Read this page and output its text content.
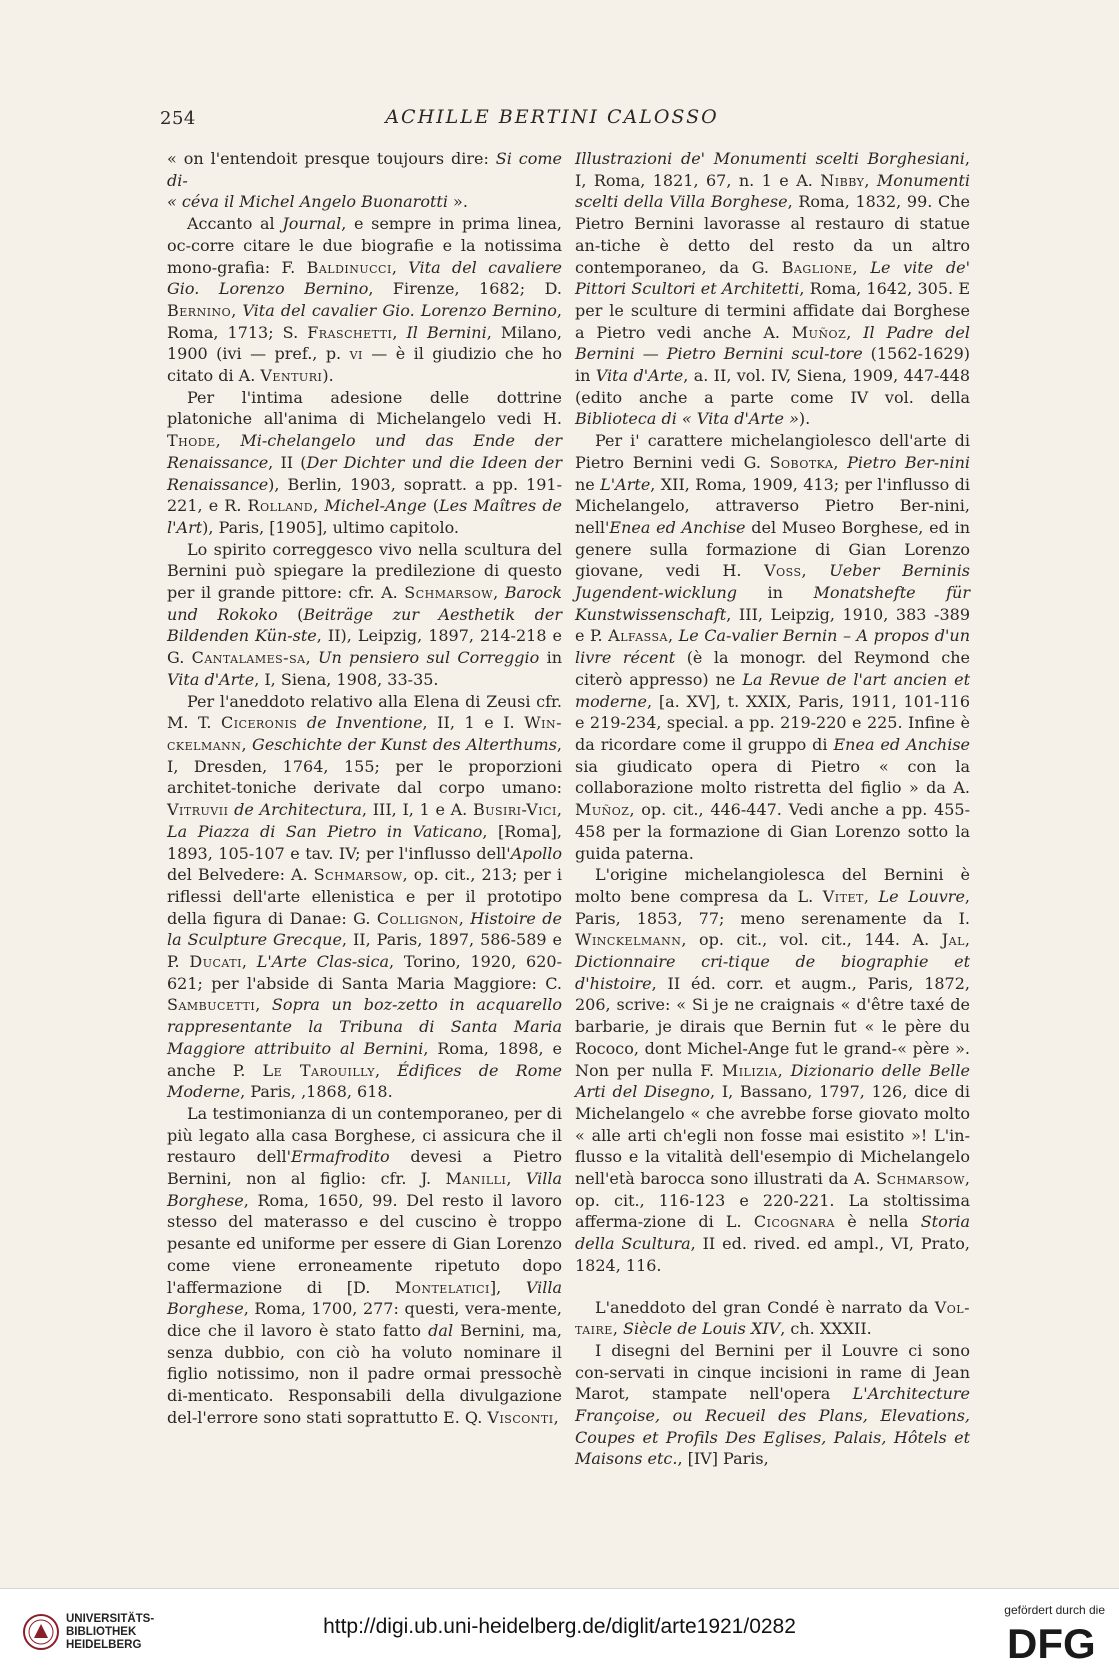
254	ACHILLE BERTINI CALOSSO

« on l'entendoit presque toujours dire: Si come di-
« céva il Michel Angelo Buonarotti ».

Accanto al Journal, e sempre in prima linea, oc-corre citare le due biografie e la notissima mono-grafia: F. Baldinucci, Vita del cavaliere Gio. Lorenzo Bernino, Firenze, 1682; D. Bernino, Vita del cavalier Gio. Lorenzo Bernino, Roma, 1713; S. Fraschetti, Il Bernini, Milano, 1900 (ivi — pref., p. vi — è il giudizio che ho citato di A. Venturi).

Per l'intima adesione delle dottrine platoniche all'anima di Michelangelo vedi H. Thode, Mi-chelangelo und das Ende der Renaissance, II (Der Dichter und die Ideen der Renaissance), Berlin, 1903, sopratt. a pp. 191-221, e R. Rolland, Michel-Ange (Les Maîtres de l'Art), Paris, [1905], ultimo capitolo.

Lo spirito correggesco vivo nella scultura del Bernini può spiegare la predilezione di questo per il grande pittore: cfr. A. Schmarsow, Barock und Rokoko (Beiträge zur Aesthetik der Bildenden Kün-ste, II), Leipzig, 1897, 214-218 e G. Cantalames-sa, Un pensiero sul Correggio in Vita d'Arte, I, Siena, 1908, 33-35.

Per l'aneddoto relativo alla Elena di Zeusi cfr. M. T. Ciceronis de Inventione, II, 1 e I. Win-ckelmann, Geschichte der Kunst des Alterthums, I, Dresden, 1764, 155; per le proporzioni architet-toniche derivate dal corpo umano: Vitruvii de Architectura, III, I, 1 e A. Busiri-Vici, La Piazza di San Pietro in Vaticano, [Roma], 1893, 105-107 e tav. IV; per l'influsso dell'Apollo del Belvedere: A. Schmarsow, op. cit., 213; per i riflessi dell'arte ellenistica e per il prototipo della figura di Danae: G. Collignon, Histoire de la Sculpture Grecque, II, Paris, 1897, 586-589 e P. Ducati, L'Arte Clas-sica, Torino, 1920, 620-621; per l'abside di Santa Maria Maggiore: C. Sambucetti, Sopra un boz-zetto in acquarello rappresentante la Tribuna di Santa Maria Maggiore attribuito al Bernini, Roma, 1898, e anche P. Le Tarouilly, Édifices de Rome Moderne, Paris, ,1868, 618.

La testimonianza di un contemporaneo, per di più legato alla casa Borghese, ci assicura che il restauro dell'Ermafrodito devesi a Pietro Bernini, non al figlio: cfr. J. Manilli, Villa Borghese, Roma, 1650, 99. Del resto il lavoro stesso del materasso e del cuscino è troppo pesante ed uniforme per essere di Gian Lorenzo come viene erroneamente ripetuto dopo l'affermazione di [D. Montelatici], Villa Borghese, Roma, 1700, 277: questi, vera-mente, dice che il lavoro è stato fatto dal Bernini, ma, senza dubbio, con ciò ha voluto nominare il figlio notissimo, non il padre ormai pressochè di-menticato. Responsabili della divulgazione del-l'errore sono stati soprattutto E. Q. Visconti,

Illustrazioni de' Monumenti scelti Borghesiani, I, Roma, 1821, 67, n. 1 e A. Nibby, Monumenti scelti della Villa Borghese, Roma, 1832, 99. Che Pietro Bernini lavorasse al restauro di statue an-tiche è detto del resto da un altro contemporaneo, da G. Baglione, Le vite de' Pittori Scultori et Architetti, Roma, 1642, 305. E per le sculture di termini affidate dai Borghese a Pietro vedi anche A. Muñoz, Il Padre del Bernini — Pietro Bernini scul-tore (1562-1629) in Vita d'Arte, a. II, vol. IV, Siena, 1909, 447-448 (edito anche a parte come IV vol. della Biblioteca di « Vita d'Arte »).

Per i' carattere michelangiolesco dell'arte di Pietro Bernini vedi G. Sobotka, Pietro Ber-nini ne L'Arte, XII, Roma, 1909, 413; per l'influsso di Michelangelo, attraverso Pietro Ber-nini, nell'Enea ed Anchise del Museo Borghese, ed in genere sulla formazione di Gian Lorenzo giovane, vedi H. Voss, Ueber Berninis Jugendent-wicklung in Monatshefte für Kunstwissenschaft, III, Leipzig, 1910, 383 -389 e P. Alfassa, Le Ca-valier Bernin – A propos d'un livre récent (è la monogr. del Reymond che citerò appresso) ne La Revue de l'art ancien et moderne, [a. XV], t. XXIX, Paris, 1911, 101-116 e 219-234, special. a pp. 219-220 e 225. Infine è da ricordare come il gruppo di Enea ed Anchise sia giudicato opera di Pietro « con la collaborazione molto ristretta del figlio » da A. Muñoz, op. cit., 446-447. Vedi anche a pp. 455-458 per la formazione di Gian Lorenzo sotto la guida paterna.

L'origine michelangiolesca del Bernini è molto bene compresa da L. Vitet, Le Louvre, Paris, 1853, 77; meno serenamente da I. Winckelmann, op. cit., vol. cit., 144. A. Jal, Dictionnaire cri-tique de biographie et d'histoire, II éd. corr. et augm., Paris, 1872, 206, scrive: « Si je ne craignais « d'être taxé de barbarie, je dirais que Bernin fut « le père du Rococo, dont Michel-Ange fut le grand-« père ». Non per nulla F. Milizia, Dizionario delle Belle Arti del Disegno, I, Bassano, 1797, 126, dice di Michelangelo « che avrebbe forse giovato molto « alle arti ch'egli non fosse mai esistito »! L'in-flusso e la vitalità dell'esempio di Michelangelo nell'età barocca sono illustrati da A. Schmarsow, op. cit., 116-123 e 220-221. La stoltissima afferma-zione di L. Cicognara è nella Storia della Scultura, II ed. rived. ed ampl., VI, Prato, 1824, 116.

L'aneddoto del gran Condé è narrato da Vol-taire, Siècle de Louis XIV, ch. XXXII.

I disegni del Bernini per il Louvre ci sono con-servati in cinque incisioni in rame di Jean Marot, stampate nell'opera L'Architecture Françoise, ou Recueil des Plans, Elevations, Coupes et Profils Des Eglises, Palais, Hôtels et Maisons etc., [IV] Paris,

UNIVERSITÄTS-
BIBLIOTHEK
HEIDELBERG
http://digi.ub.uni-heidelberg.de/diglit/arte1921/0282
gefördert durch die
DFG
